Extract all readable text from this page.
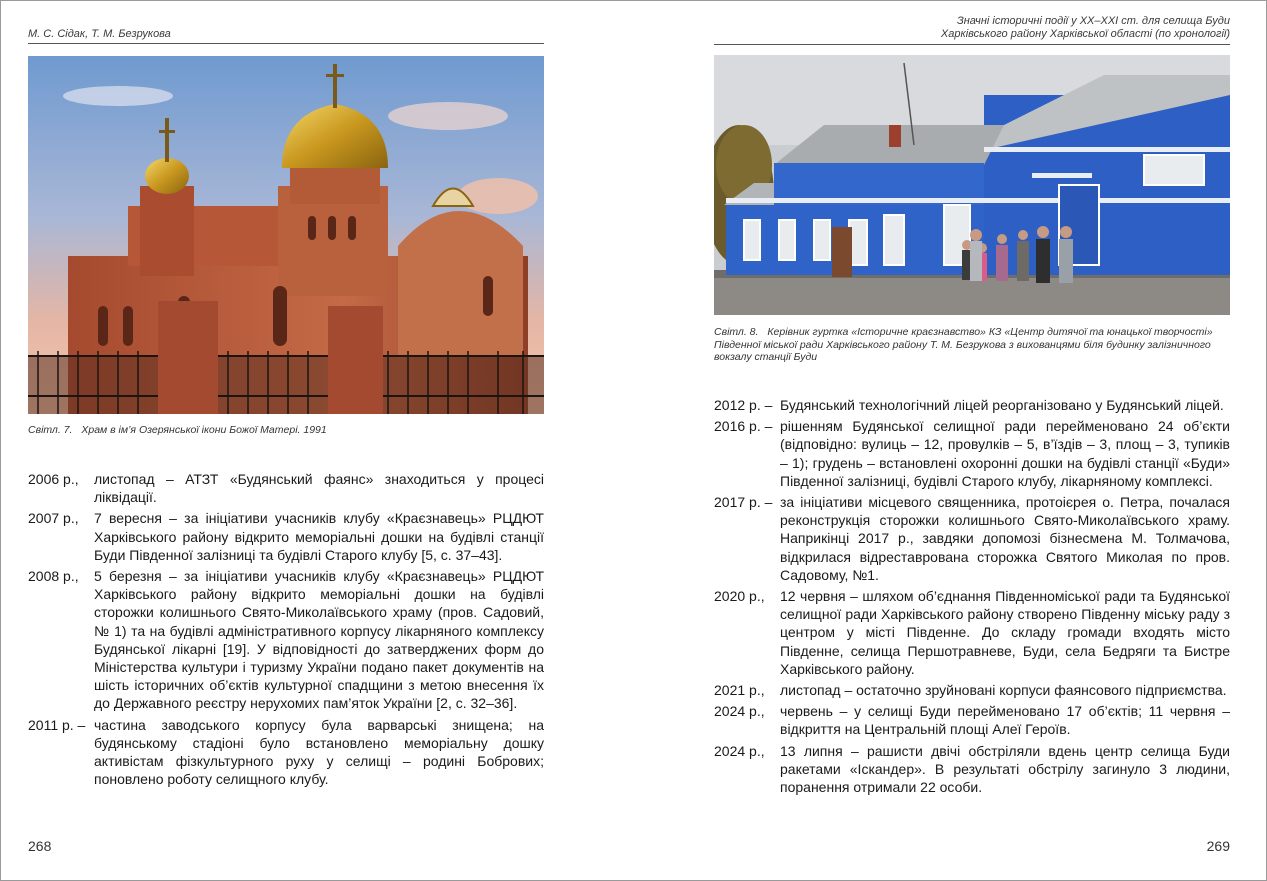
М. С. Сідак, Т. М. Безрукова
Світл. 7. Храм в ім’я Озерянської ікони Божої Матері. 1991
2006 р.,	листопад – АТЗТ «Будянський фаянс» знаходиться у процесі ліквідації.
2007 р.,	7 вересня – за ініціативи учасників клубу «Краєзнавець» РЦДЮТ Харківського району відкрито меморіальні дошки на будівлі станції Буди Південної залізниці та будівлі Старого клубу [5, с. 37–43].
2008 р.,	5 березня – за ініціативи учасників клубу «Краєзнавець» РЦДЮТ Харківського району відкрито меморіальні дошки на будівлі сторожки колишнього Свято-Миколаївського храму (пров. Садовий, № 1) та на будівлі адміністративного корпусу лікарняного комплексу Будянської лікарні [19]. У відповідності до затверджених форм до Міністерства культури і туризму України подано пакет документів на шість історичних об’єктів культурної спадщини з метою внесення їх до Державного реєстру нерухомих пам’яток України [2, с. 32–36].
2011 р. – частина заводського корпусу була варварські знищена; на будянському стадіоні було встановлено меморіальну дошку активістам фізкультурного руху у селищі – родині Бобрових; поновлено роботу селищного клубу.
268
Значні історичні події у ХХ–ХХІ ст. для селища Буди
Харківського району Харківської області (по хронології)
Світл. 8. Керівник гуртка «Історичне краєзнавство» КЗ «Центр дитячої та юнацької творчості» Південної міської ради Харківського району Т. М. Безрукова з вихованцями біля будинку залізничного вокзалу станції Буди
2012 р. – Будянський технологічний ліцей реорганізовано у Будянський ліцей.
2016 р. – рішенням Будянської селищної ради перейменовано 24 об’єкти (відповідно: вулиць – 12, провулків – 5, в’їздів – 3, площ – 3, тупиків – 1); грудень – встановлені охоронні дошки на будівлі станції «Буди» Південної залізниці, будівлі Старого клубу, лікарняному комплексі.
2017 р. – за ініціативи місцевого священника, протоієрея о. Петра, почалася реконструкція сторожки колишнього Свято-Миколаївського храму. Наприкінці 2017 р., завдяки допомозі бізнесмена М. Толмачова, відкрилася відреставрована сторожка Святого Миколая по пров. Садовому, №1.
2020 р.,	12 червня – шляхом об’єднання Південноміської ради та Будянської селищної ради Харківського району створено Південну міську раду з центром у місті Південне. До складу громади входять місто Південне, селища Першотравневе, Буди, села Бедряги та Бистре Харківського району.
2021 р.,	листопад – остаточно зруйновані корпуси фаянсового підприємства.
2024 р.,	червень – у селищі Буди перейменовано 17 об’єктів; 11 червня – відкриття на Центральній площі Алеї Героїв.
2024 р.,	13 липня – рашисти двічі обстріляли вдень центр селища Буди ракетами «Іскандер». В результаті обстрілу загинуло 3 людини, поранення отримали 22 особи.
269
